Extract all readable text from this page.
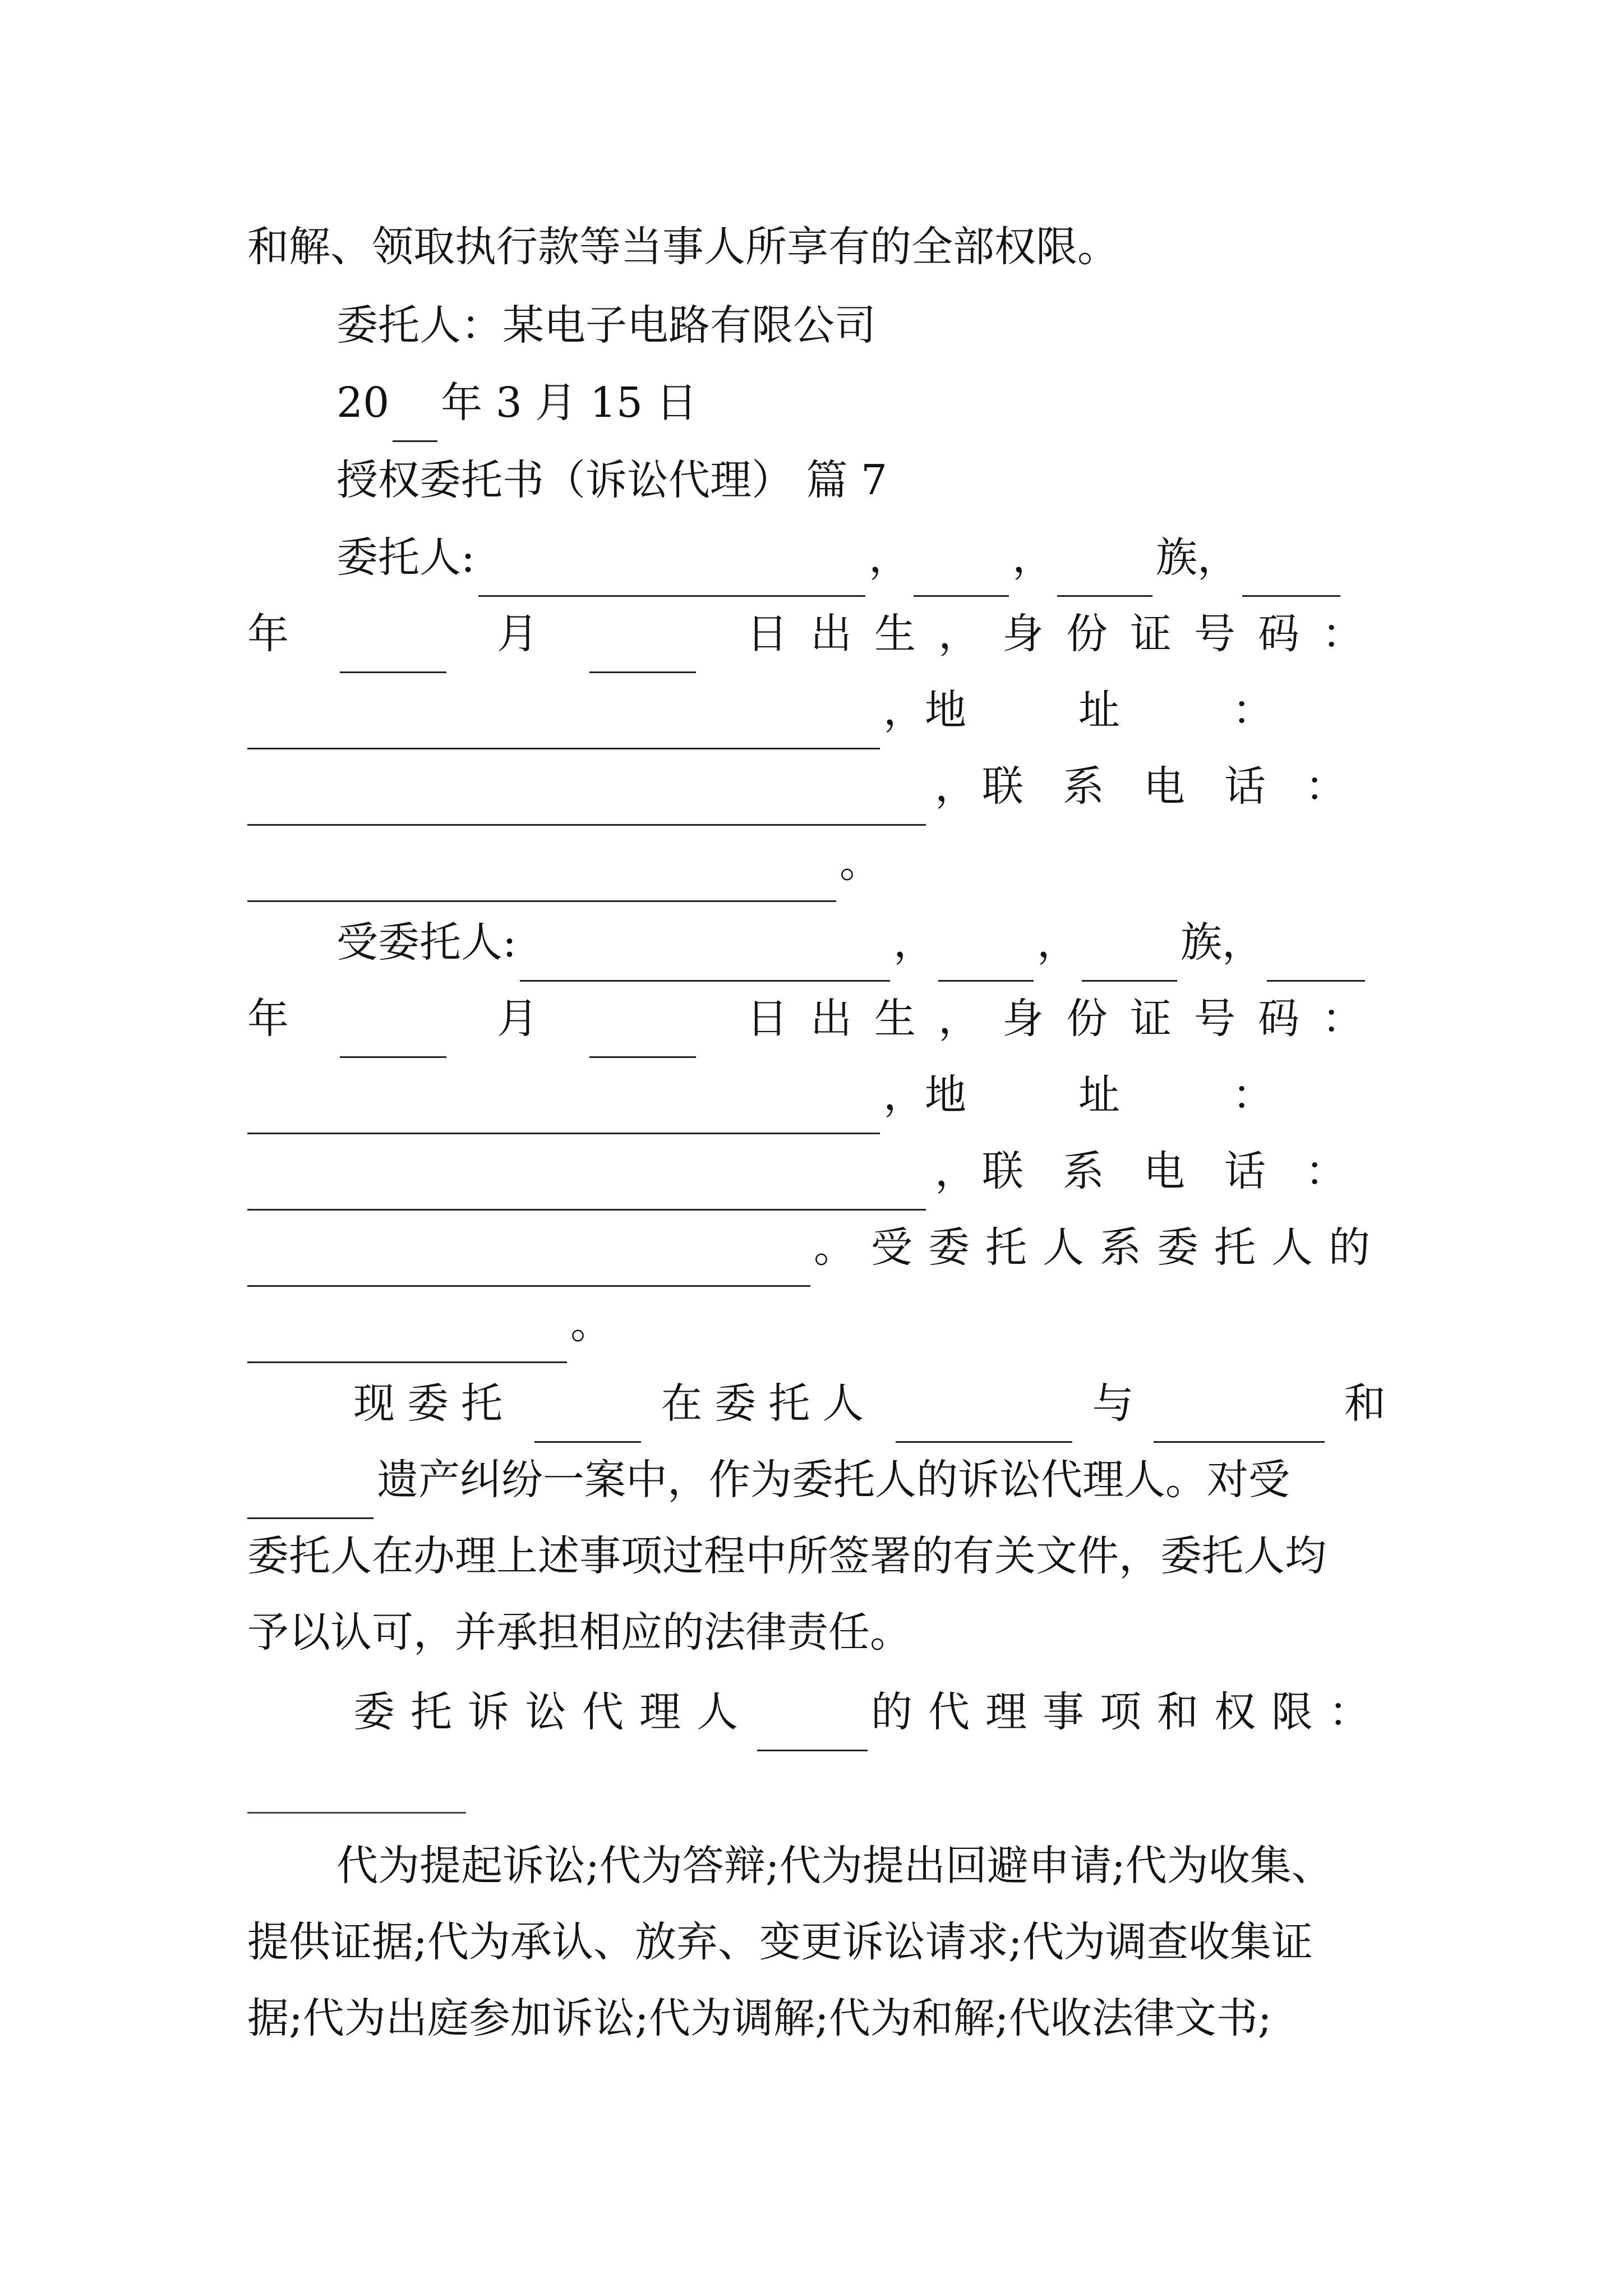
和解、领取执行款等当事人所享有的全部权限。
委托人：某电子电路有限公司
20 年 3 月 15 日
授权委托书（诉讼代理） 篇 7
委托人:	， ， 族，
年	月	日出生，身份证号码：
， 地址：
， 联系电话：
。
受委托人:	， ， 族，
年	月	日出生，身份证号码：
， 地址：
， 联系电话：
。受委托人系委托人的
。
现委托	在委托人	与	和
遗产纠纷一案中，作为委托人的诉讼代理人。对受
委托人在办理上述事项过程中所签署的有关文件，委托人均
予以认可，并承担相应的法律责任。
委托诉讼代理人	的代理事项和权限：
代为提起诉讼;代为答辩;代为提出回避申请;代为收集、
提供证据;代为承认、放弃、变更诉讼请求;代为调查收集证
据;代为出庭参加诉讼;代为调解;代为和解;代收法律文书;
